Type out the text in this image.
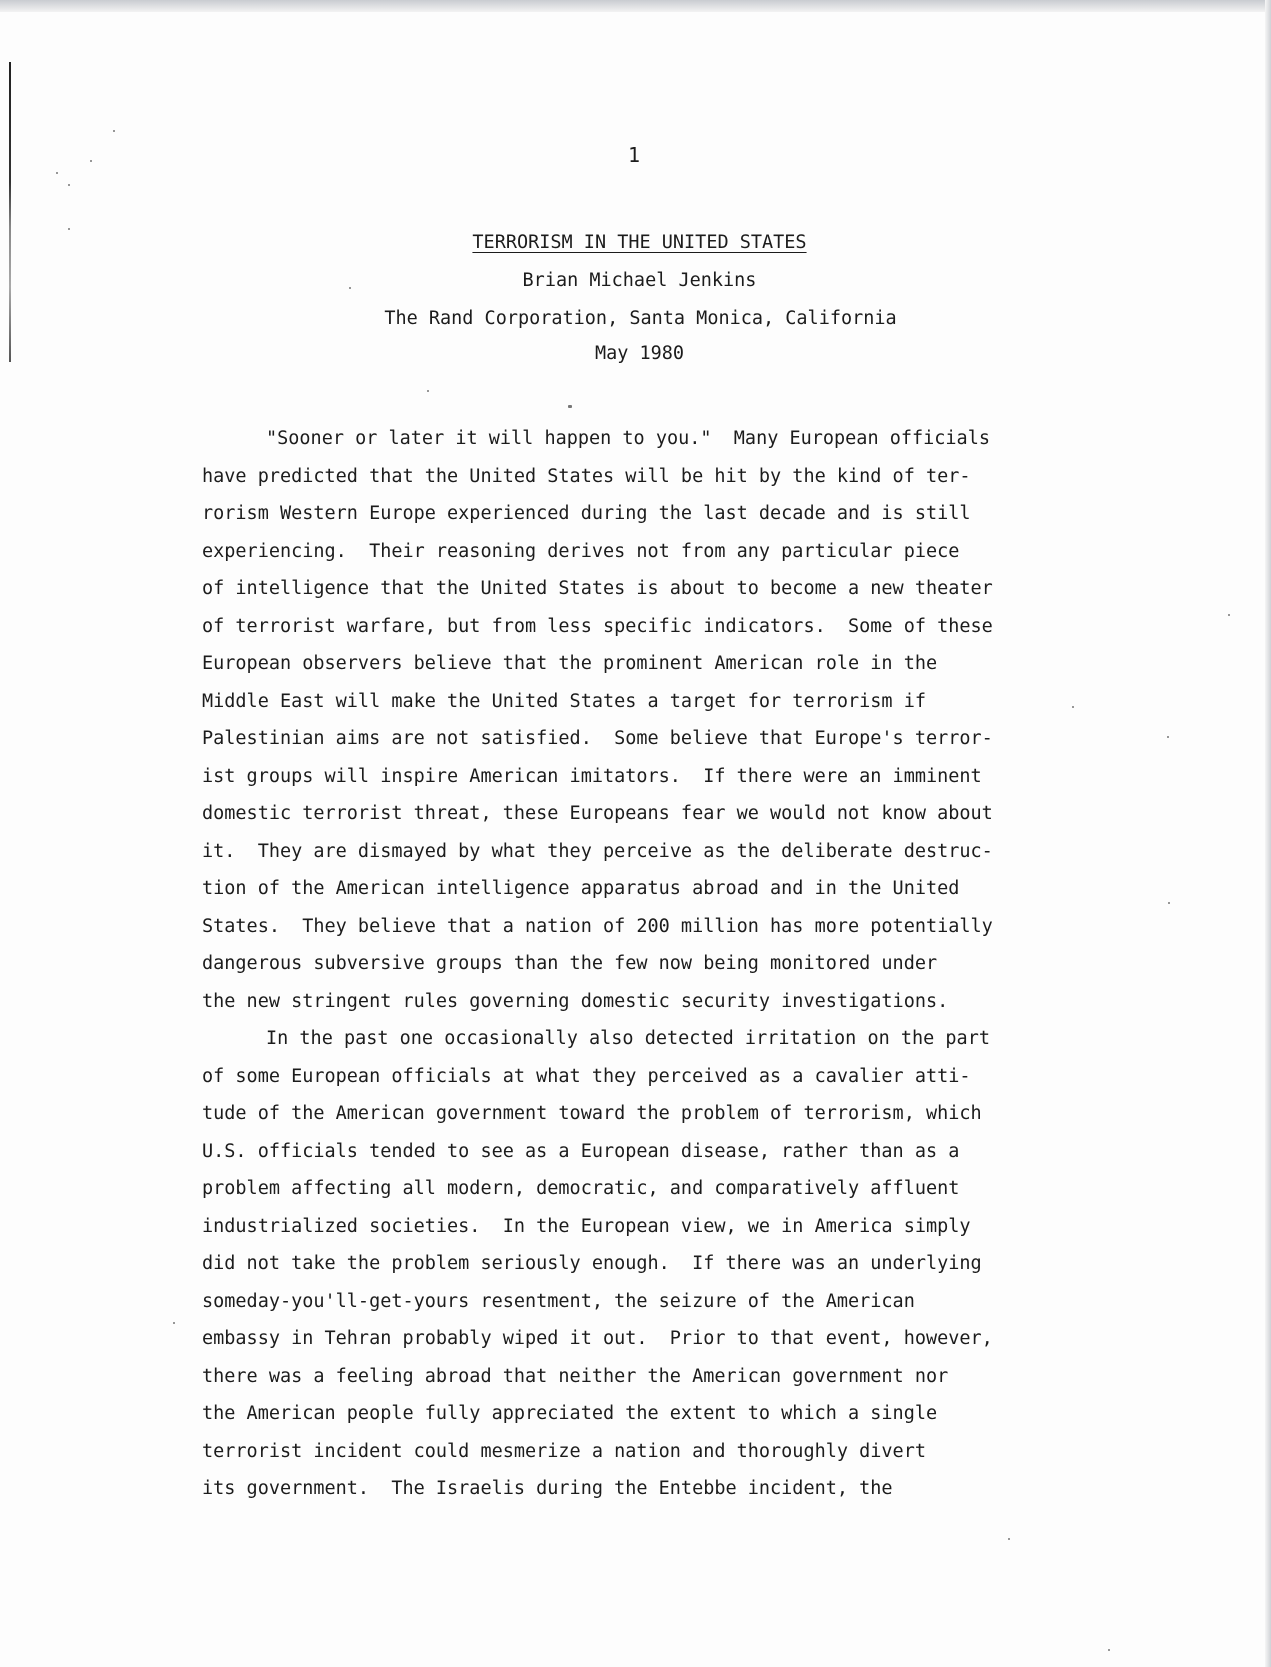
1
TERRORISM IN THE UNITED STATES
Brian Michael Jenkins
The Rand Corporation, Santa Monica, California
May 1980
"Sooner or later it will happen to you."  Many European officials
have predicted that the United States will be hit by the kind of ter-
rorism Western Europe experienced during the last decade and is still
experiencing.  Their reasoning derives not from any particular piece
of intelligence that the United States is about to become a new theater
of terrorist warfare, but from less specific indicators.  Some of these
European observers believe that the prominent American role in the
Middle East will make the United States a target for terrorism if
Palestinian aims are not satisfied.  Some believe that Europe's terror-
ist groups will inspire American imitators.  If there were an imminent
domestic terrorist threat, these Europeans fear we would not know about
it.  They are dismayed by what they perceive as the deliberate destruc-
tion of the American intelligence apparatus abroad and in the United
States.  They believe that a nation of 200 million has more potentially
dangerous subversive groups than the few now being monitored under
the new stringent rules governing domestic security investigations.
In the past one occasionally also detected irritation on the part
of some European officials at what they perceived as a cavalier atti-
tude of the American government toward the problem of terrorism, which
U.S. officials tended to see as a European disease, rather than as a
problem affecting all modern, democratic, and comparatively affluent
industrialized societies.  In the European view, we in America simply
did not take the problem seriously enough.  If there was an underlying
someday-you'll-get-yours resentment, the seizure of the American
embassy in Tehran probably wiped it out.  Prior to that event, however,
there was a feeling abroad that neither the American government nor
the American people fully appreciated the extent to which a single
terrorist incident could mesmerize a nation and thoroughly divert
its government.  The Israelis during the Entebbe incident, the
